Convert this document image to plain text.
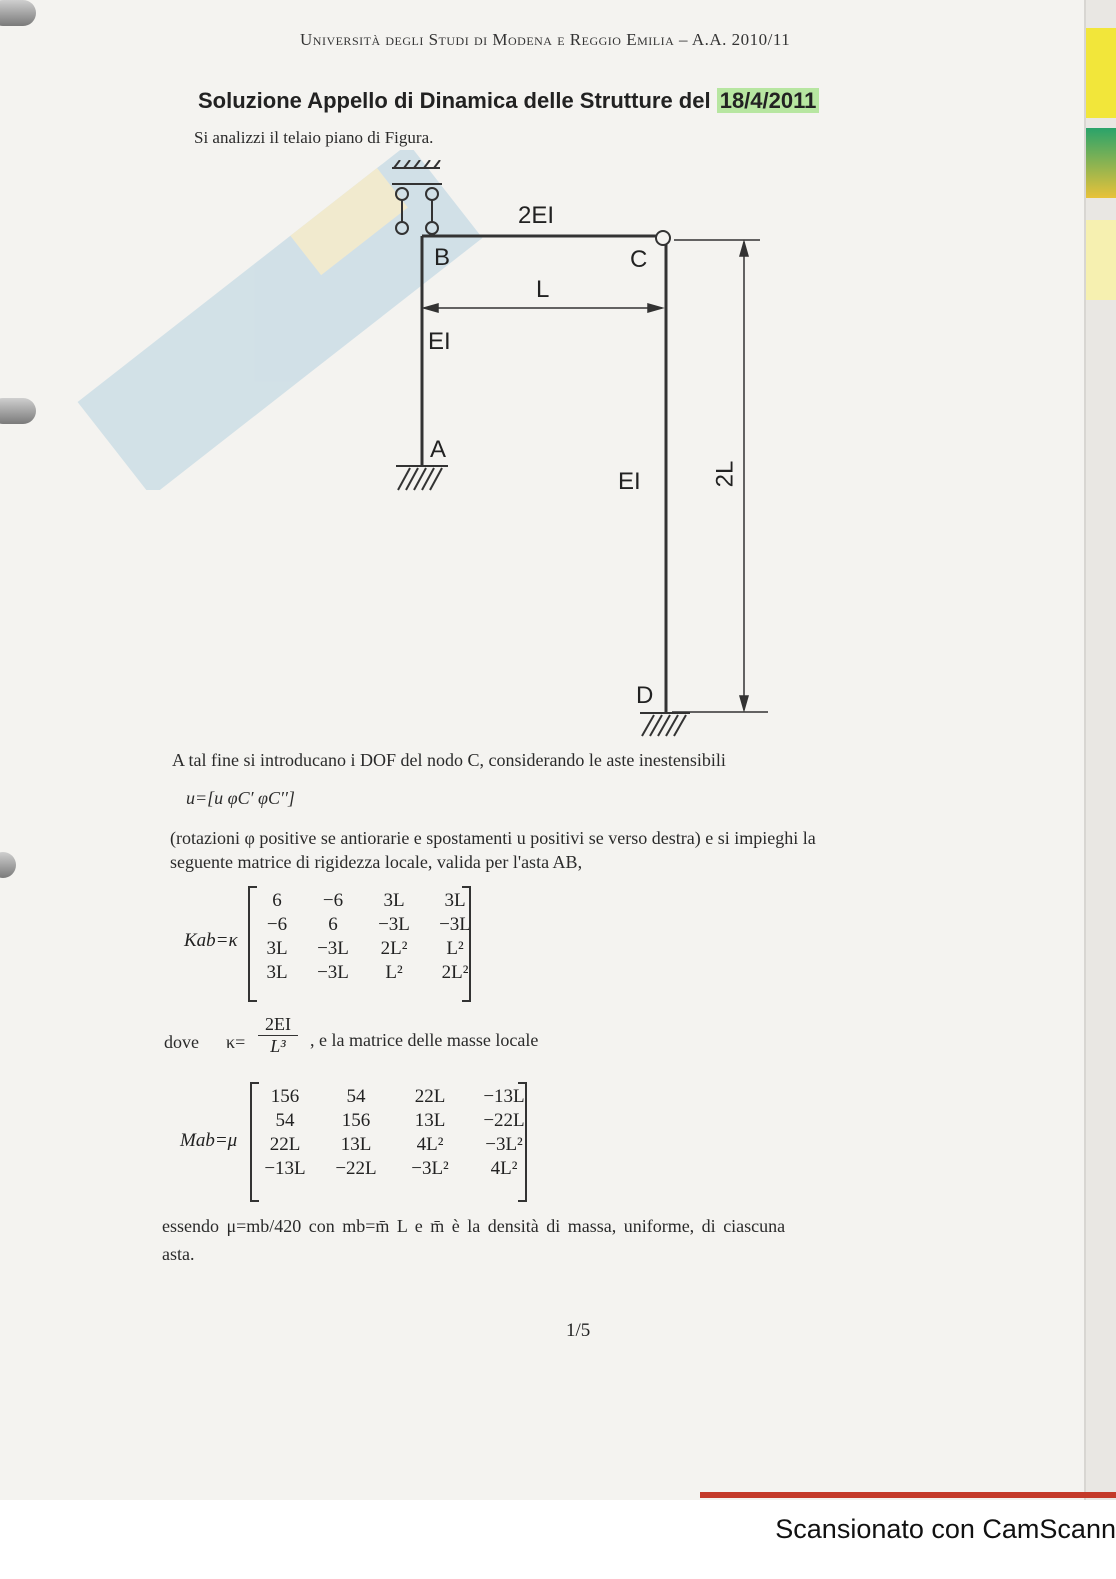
Università degli Studi di Modena e Reggio Emilia – A.A. 2010/11
Soluzione Appello di Dinamica delle Strutture del 18/4/2011
Si analizzi il telaio piano di Figura.
2EI
B	C
L
EI
A
EI	2L
D
A tal fine si introducano i DOF del nodo C, considerando le aste inestensibili
u=[u φC′ φC′′]
(rotazioni φ positive se antiorarie e spostamenti u positivi se verso destra) e si impieghi la
seguente matrice di rigidezza locale, valida per l'asta AB,
Kab=κ
6	−6	3L	3L
−6	6	−3L	−3L
3L	−3L	2L²	L²
3L	−3L	L²	2L²
dove $\kappa= \frac{2EI}{\text{L³}}$ , e la matrice delle masse locale
Mab=μ
156	54	22L	−13L
54	156	13L	−22L
22L	13L	4L²	−3L²
−13L	−22L	−3L²	4L²
essendo μ=mb/420 con mb=m̄ L e m̄ è la densità di massa, uniforme, di ciascuna
asta.
1/5
Scansionato con CamScann
